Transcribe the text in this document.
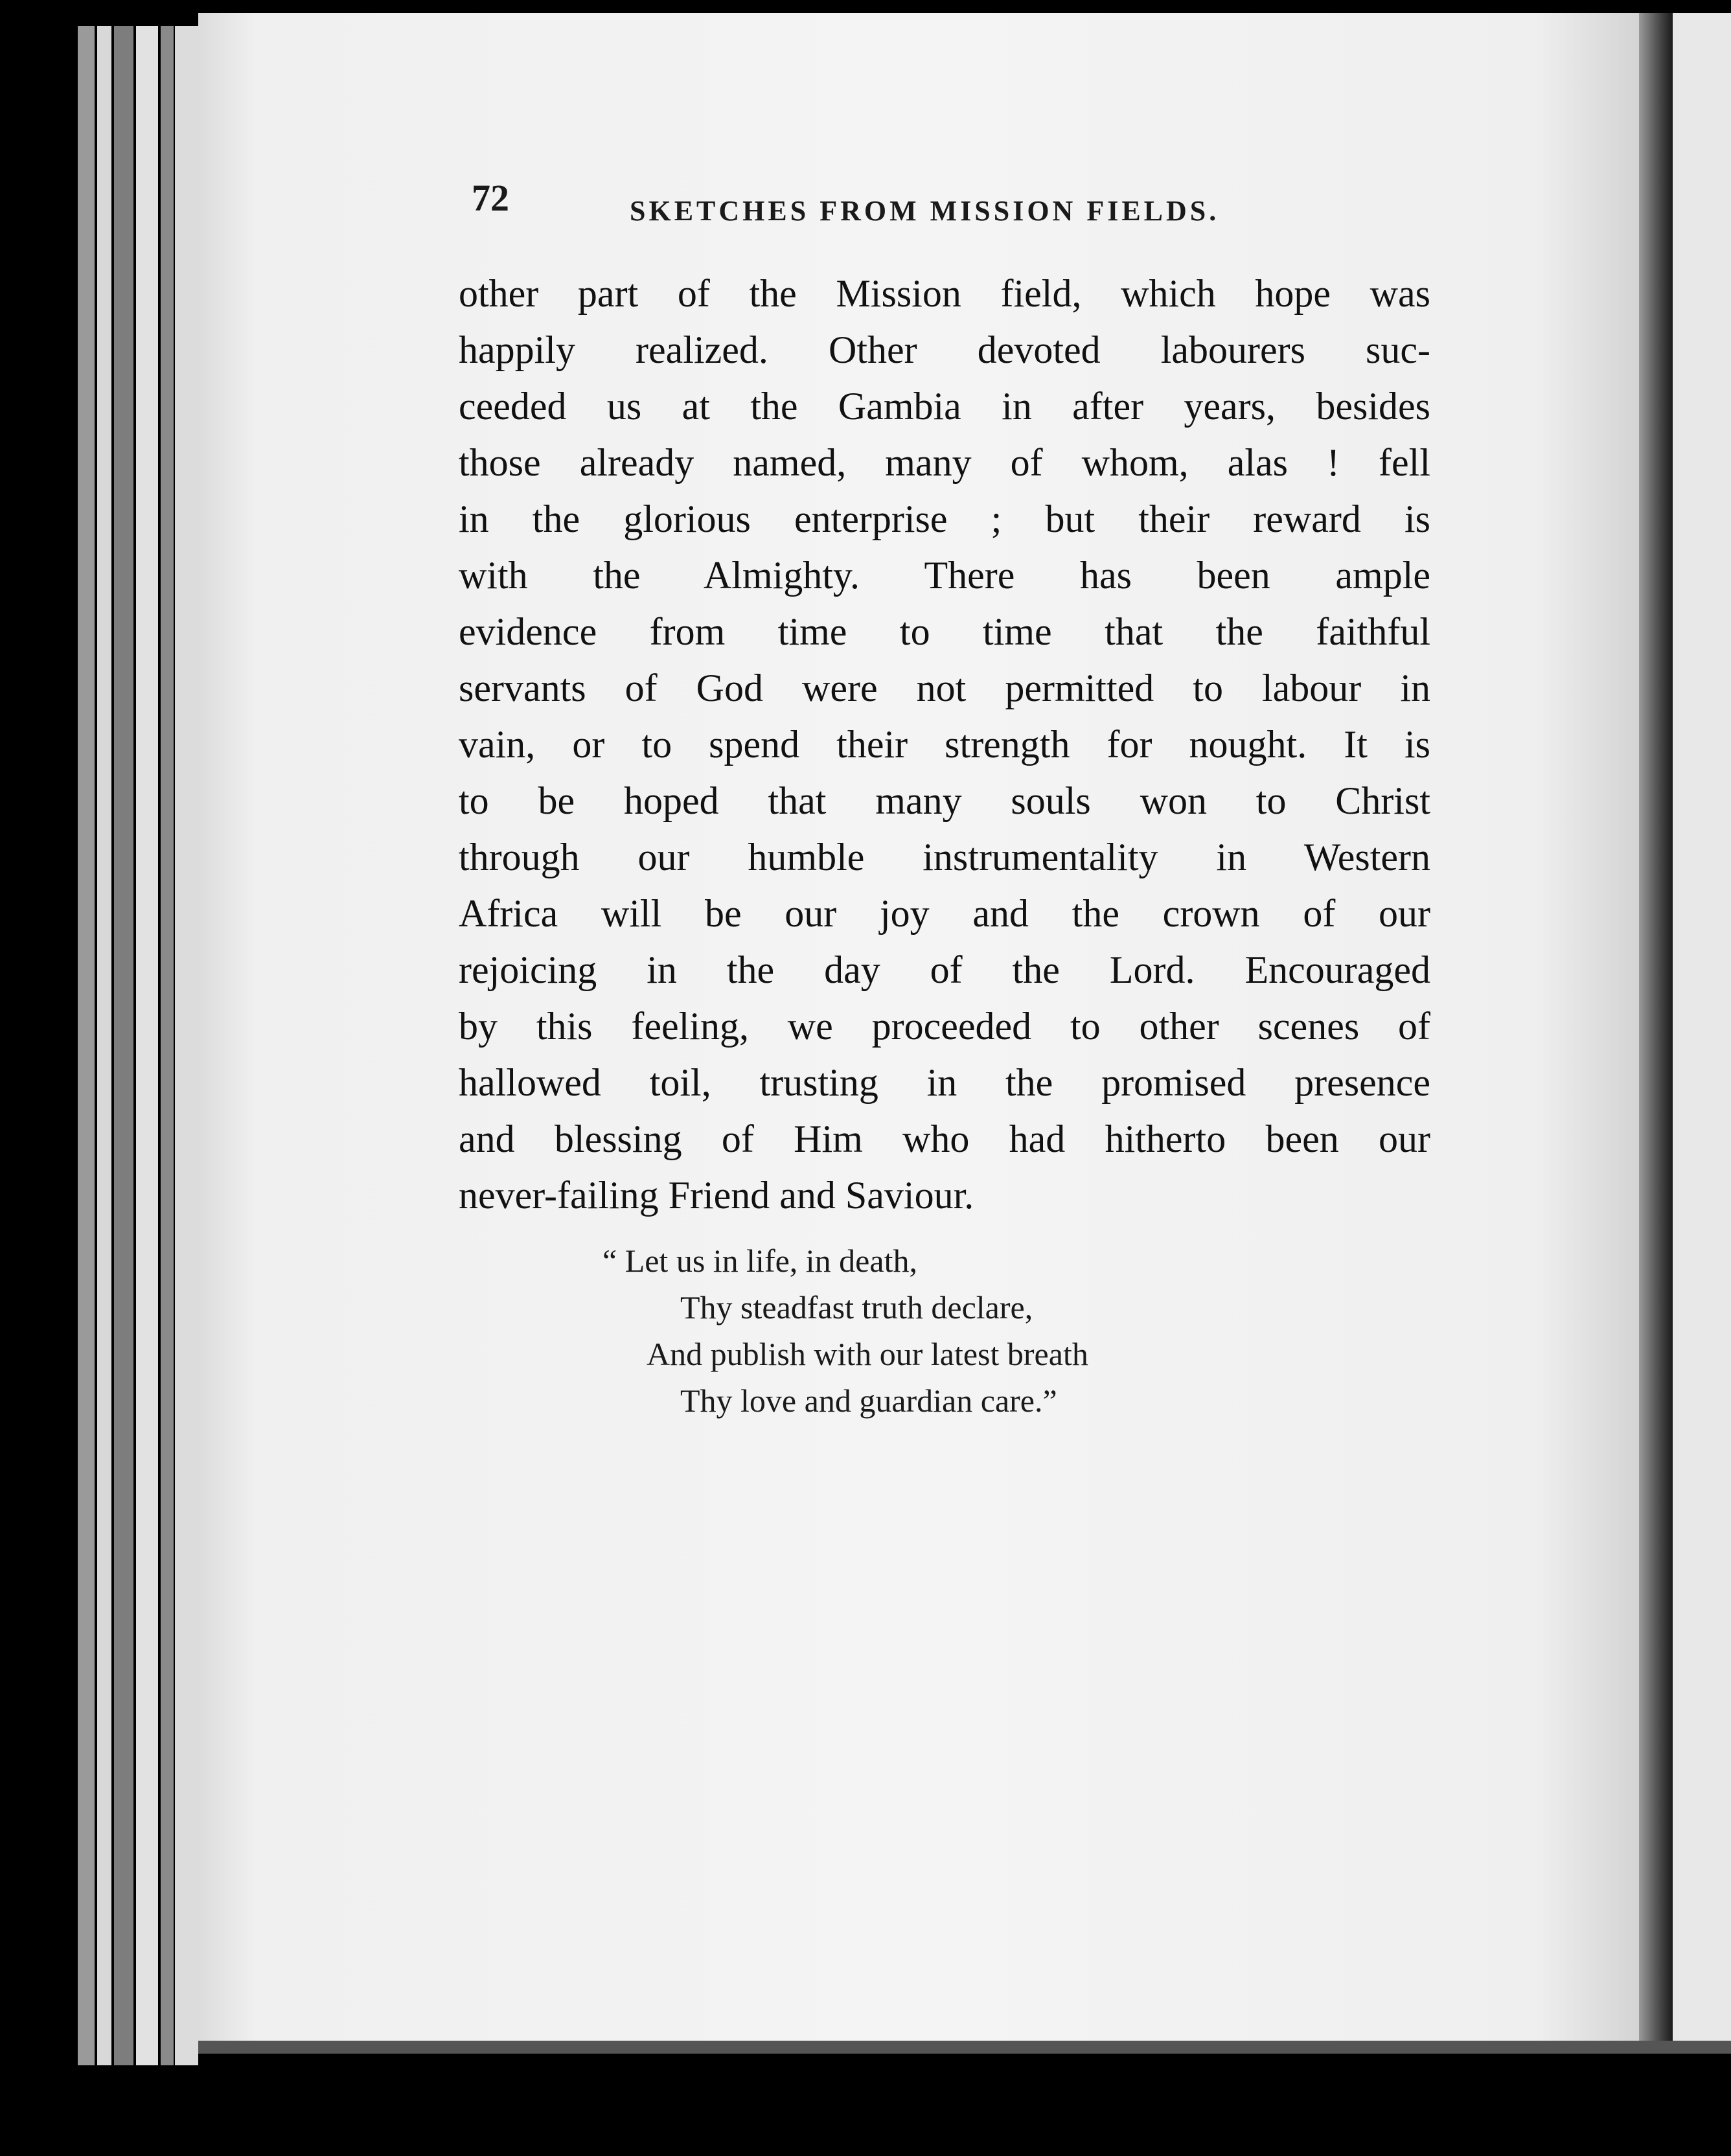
72	SKETCHES FROM MISSION FIELDS.
other part of the Mission field, which hope was
happily realized. Other devoted labourers suc-
ceeded us at the Gambia in after years, besides
those already named, many of whom, alas ! fell
in the glorious enterprise ; but their reward is
with the Almighty. There has been ample
evidence from time to time that the faithful
servants of God were not permitted to labour in
vain, or to spend their strength for nought. It is
to be hoped that many souls won to Christ
through our humble instrumentality in Western
Africa will be our joy and the crown of our
rejoicing in the day of the Lord. Encouraged
by this feeling, we proceeded to other scenes of
hallowed toil, trusting in the promised presence
and blessing of Him who had hitherto been our
never-failing Friend and Saviour.
“ Let us in life, in death,
Thy steadfast truth declare,
And publish with our latest breath
Thy love and guardian care.”
